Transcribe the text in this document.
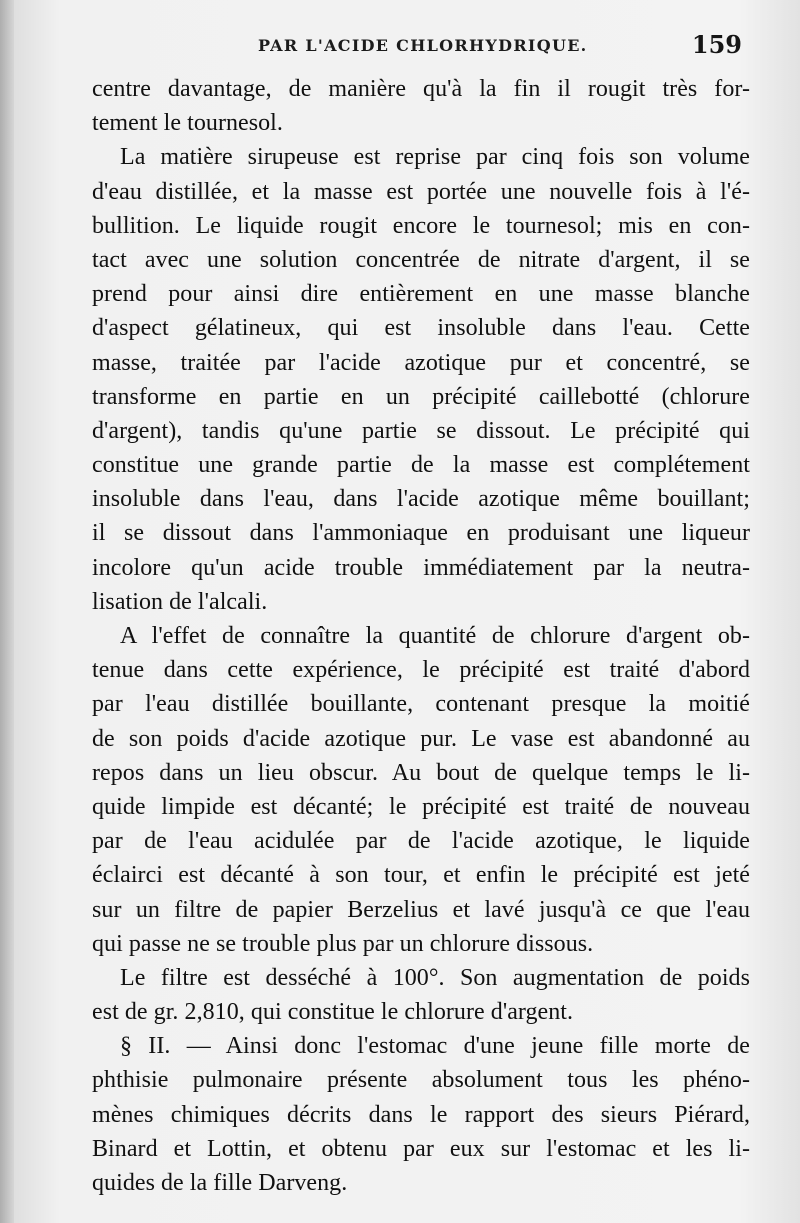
PAR L'ACIDE CHLORHYDRIQUE.	159
centre davantage, de manière qu'à la fin il rougit très for-
tement le tournesol.
La matière sirupeuse est reprise par cinq fois son volume
d'eau distillée, et la masse est portée une nouvelle fois à l'é-
bullition. Le liquide rougit encore le tournesol; mis en con-
tact avec une solution concentrée de nitrate d'argent, il se
prend pour ainsi dire entièrement en une masse blanche
d'aspect gélatineux, qui est insoluble dans l'eau. Cette
masse, traitée par l'acide azotique pur et concentré, se
transforme en partie en un précipité caillebotté (chlorure
d'argent), tandis qu'une partie se dissout. Le précipité qui
constitue une grande partie de la masse est complétement
insoluble dans l'eau, dans l'acide azotique même bouillant;
il se dissout dans l'ammoniaque en produisant une liqueur
incolore qu'un acide trouble immédiatement par la neutra-
lisation de l'alcali.
A l'effet de connaître la quantité de chlorure d'argent ob-
tenue dans cette expérience, le précipité est traité d'abord
par l'eau distillée bouillante, contenant presque la moitié
de son poids d'acide azotique pur. Le vase est abandonné au
repos dans un lieu obscur. Au bout de quelque temps le li-
quide limpide est décanté; le précipité est traité de nouveau
par de l'eau acidulée par de l'acide azotique, le liquide
éclairci est décanté à son tour, et enfin le précipité est jeté
sur un filtre de papier Berzelius et lavé jusqu'à ce que l'eau
qui passe ne se trouble plus par un chlorure dissous.
Le filtre est desséché à 100°. Son augmentation de poids
est de gr. 2,810, qui constitue le chlorure d'argent.
§ II. — Ainsi donc l'estomac d'une jeune fille morte de
phthisie pulmonaire présente absolument tous les phéno-
mènes chimiques décrits dans le rapport des sieurs Piérard,
Binard et Lottin, et obtenu par eux sur l'estomac et les li-
quides de la fille Darveng.
